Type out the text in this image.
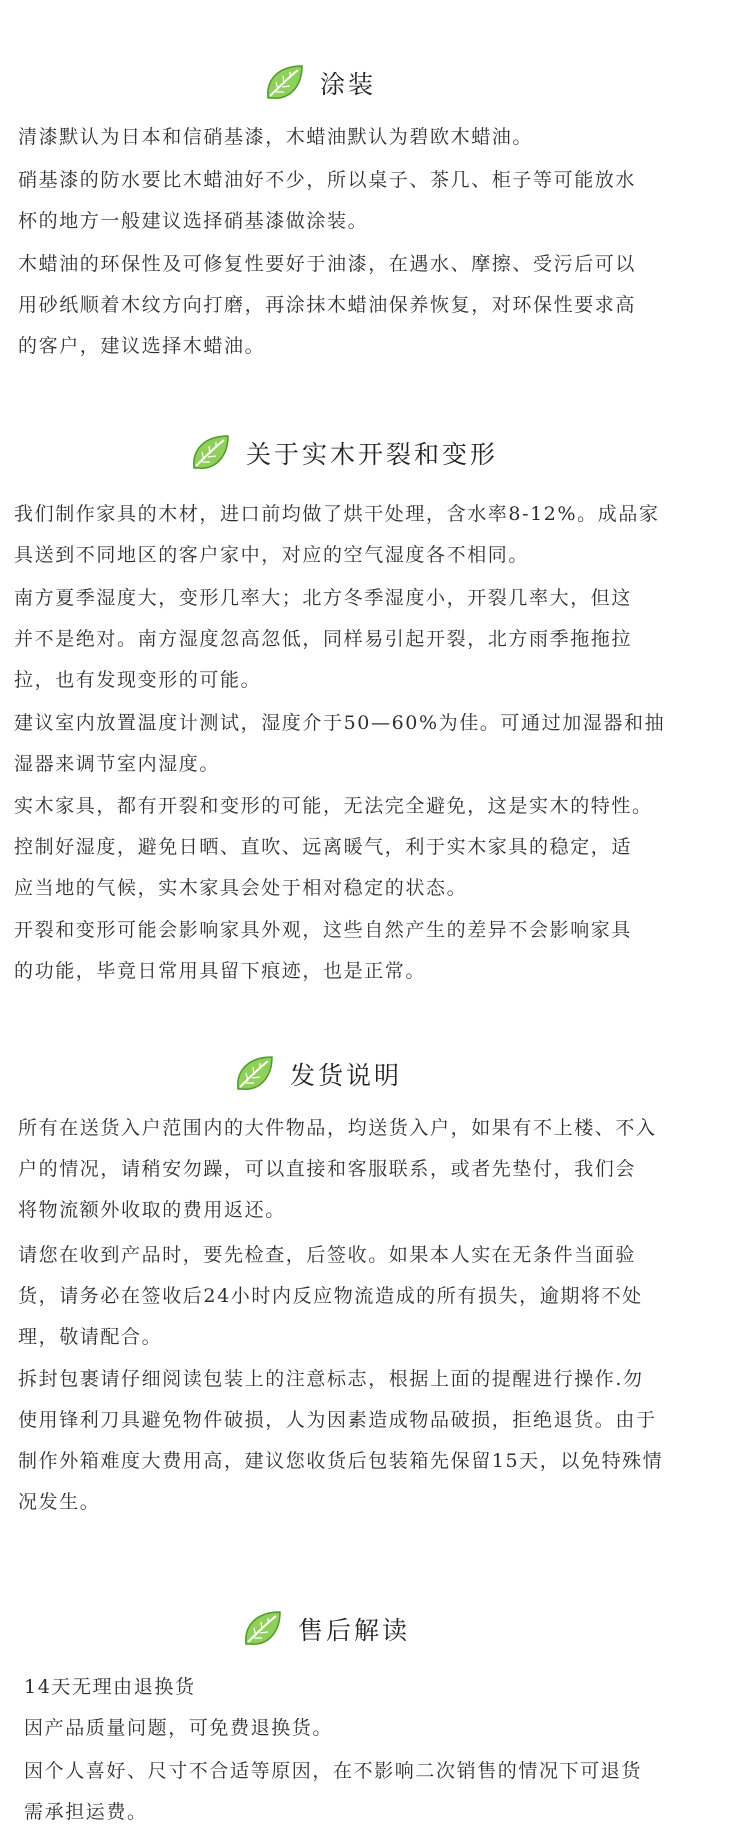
涂装
清漆默认为日本和信硝基漆，木蜡油默认为碧欧木蜡油。
硝基漆的防水要比木蜡油好不少，所以桌子、茶几、柜子等可能放水
杯的地方一般建议选择硝基漆做涂装。
木蜡油的环保性及可修复性要好于油漆，在遇水、摩擦、受污后可以
用砂纸顺着木纹方向打磨，再涂抹木蜡油保养恢复，对环保性要求高
的客户，建议选择木蜡油。
关于实木开裂和变形
我们制作家具的木材，进口前均做了烘干处理，含水率8-12%。成品家
具送到不同地区的客户家中，对应的空气湿度各不相同。
南方夏季湿度大，变形几率大；北方冬季湿度小，开裂几率大，但这
并不是绝对。南方湿度忽高忽低，同样易引起开裂，北方雨季拖拖拉
拉，也有发现变形的可能。
建议室内放置温度计测试，湿度介于50—60%为佳。可通过加湿器和抽
湿器来调节室内湿度。
实木家具，都有开裂和变形的可能，无法完全避免，这是实木的特性。
控制好湿度，避免日晒、直吹、远离暖气，利于实木家具的稳定，适
应当地的气候，实木家具会处于相对稳定的状态。
开裂和变形可能会影响家具外观，这些自然产生的差异不会影响家具
的功能，毕竟日常用具留下痕迹，也是正常。
发货说明
所有在送货入户范围内的大件物品，均送货入户，如果有不上楼、不入
户的情况，请稍安勿躁，可以直接和客服联系，或者先垫付，我们会
将物流额外收取的费用返还。
请您在收到产品时，要先检查，后签收。如果本人实在无条件当面验
货，请务必在签收后24小时内反应物流造成的所有损失，逾期将不处
理，敬请配合。
拆封包裹请仔细阅读包装上的注意标志，根据上面的提醒进行操作.勿
使用锋利刀具避免物件破损，人为因素造成物品破损，拒绝退货。由于
制作外箱难度大费用高，建议您收货后包装箱先保留15天，以免特殊情
况发生。
售后解读
14天无理由退换货
因产品质量问题，可免费退换货。
因个人喜好、尺寸不合适等原因，在不影响二次销售的情况下可退货
需承担运费。
